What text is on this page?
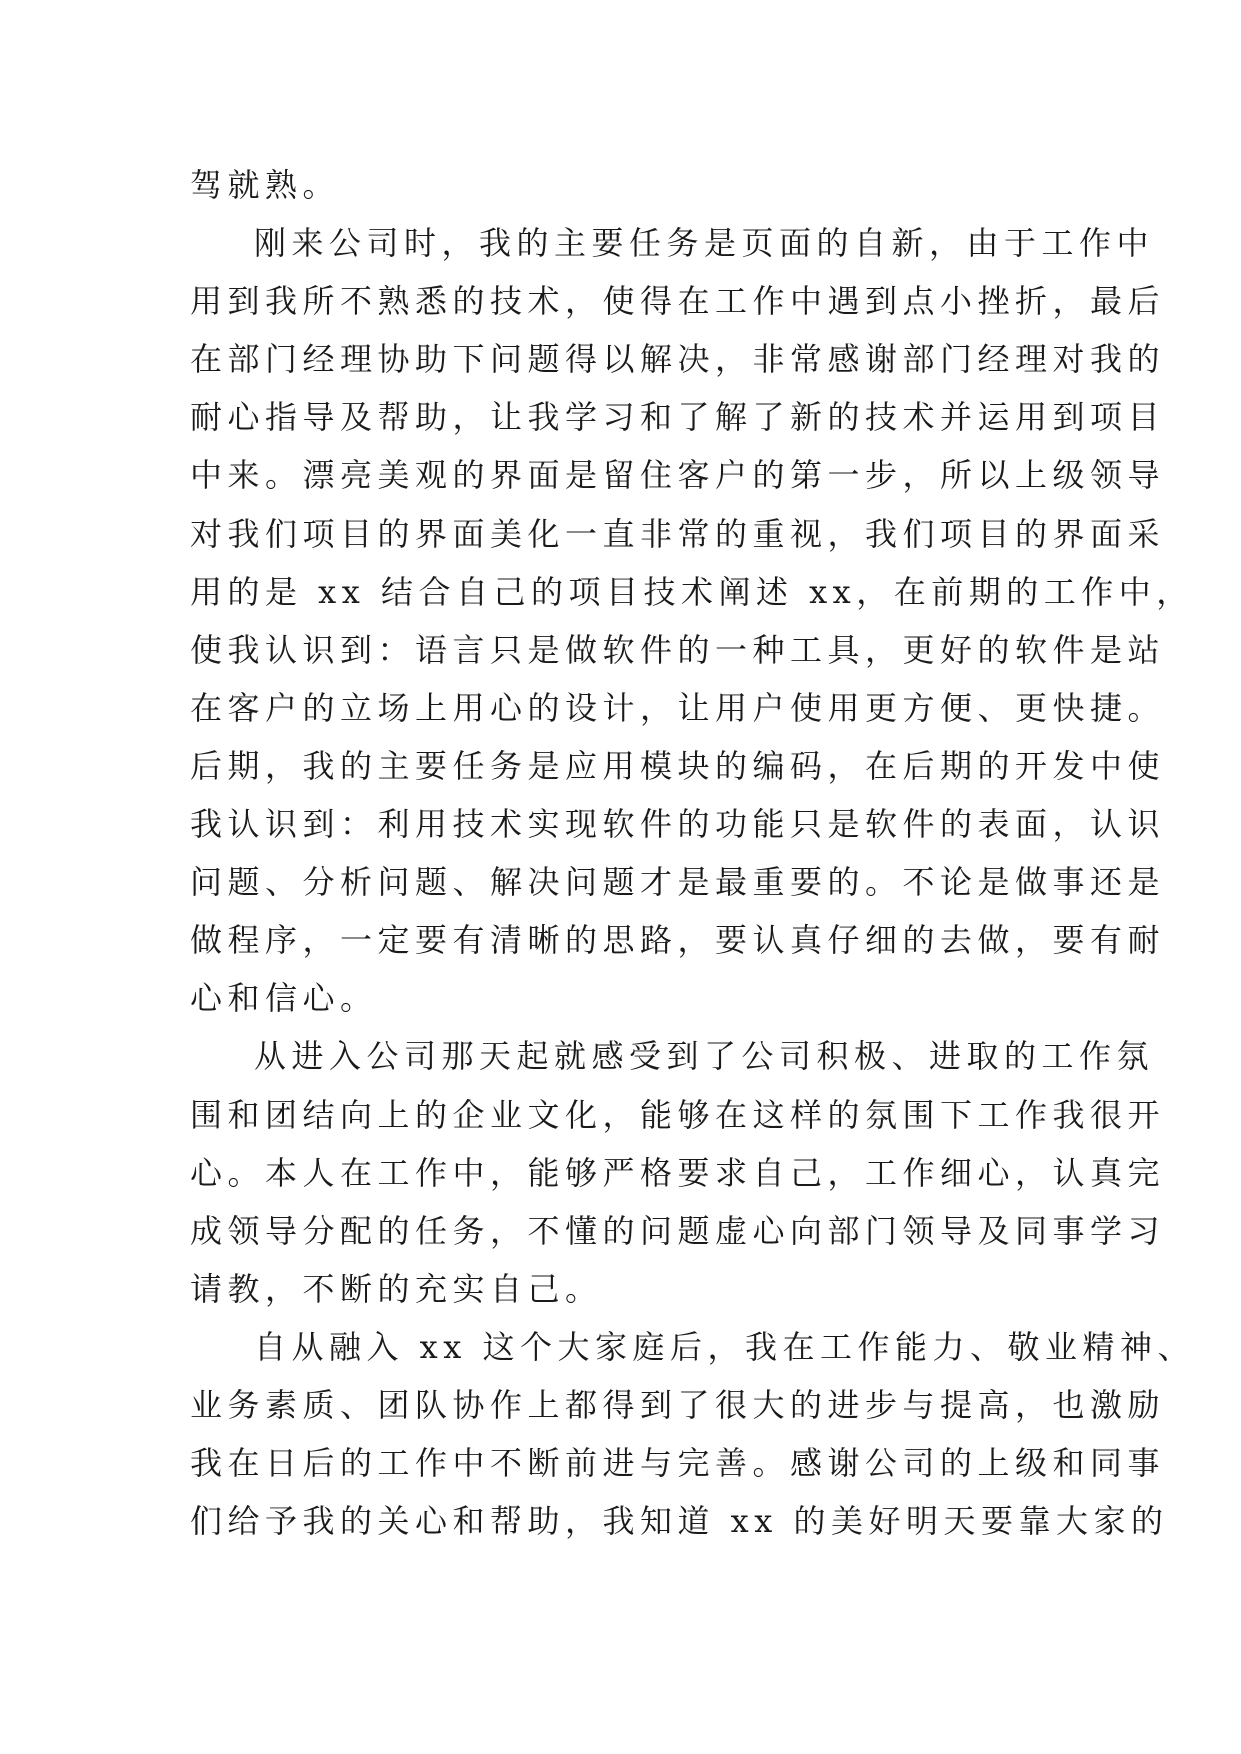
驾就熟。
刚来公司时，我的主要任务是页面的自新，由于工作中
用到我所不熟悉的技术，使得在工作中遇到点小挫折，最后
在部门经理协助下问题得以解决，非常感谢部门经理对我的
耐心指导及帮助，让我学习和了解了新的技术并运用到项目
中来。漂亮美观的界面是留住客户的第一步，所以上级领导
对我们项目的界面美化一直非常的重视，我们项目的界面采
用的是 xx 结合自己的项目技术阐述 xx，在前期的工作中，
使我认识到：语言只是做软件的一种工具，更好的软件是站
在客户的立场上用心的设计，让用户使用更方便、更快捷。
后期，我的主要任务是应用模块的编码，在后期的开发中使
我认识到：利用技术实现软件的功能只是软件的表面，认识
问题、分析问题、解决问题才是最重要的。不论是做事还是
做程序，一定要有清晰的思路，要认真仔细的去做，要有耐
心和信心。
从进入公司那天起就感受到了公司积极、进取的工作氛
围和团结向上的企业文化，能够在这样的氛围下工作我很开
心。本人在工作中，能够严格要求自己，工作细心，认真完
成领导分配的任务，不懂的问题虚心向部门领导及同事学习
请教，不断的充实自己。
自从融入 xx 这个大家庭后，我在工作能力、敬业精神、
业务素质、团队协作上都得到了很大的进步与提高，也激励
我在日后的工作中不断前进与完善。感谢公司的上级和同事
们给予我的关心和帮助，我知道 xx 的美好明天要靠大家的
